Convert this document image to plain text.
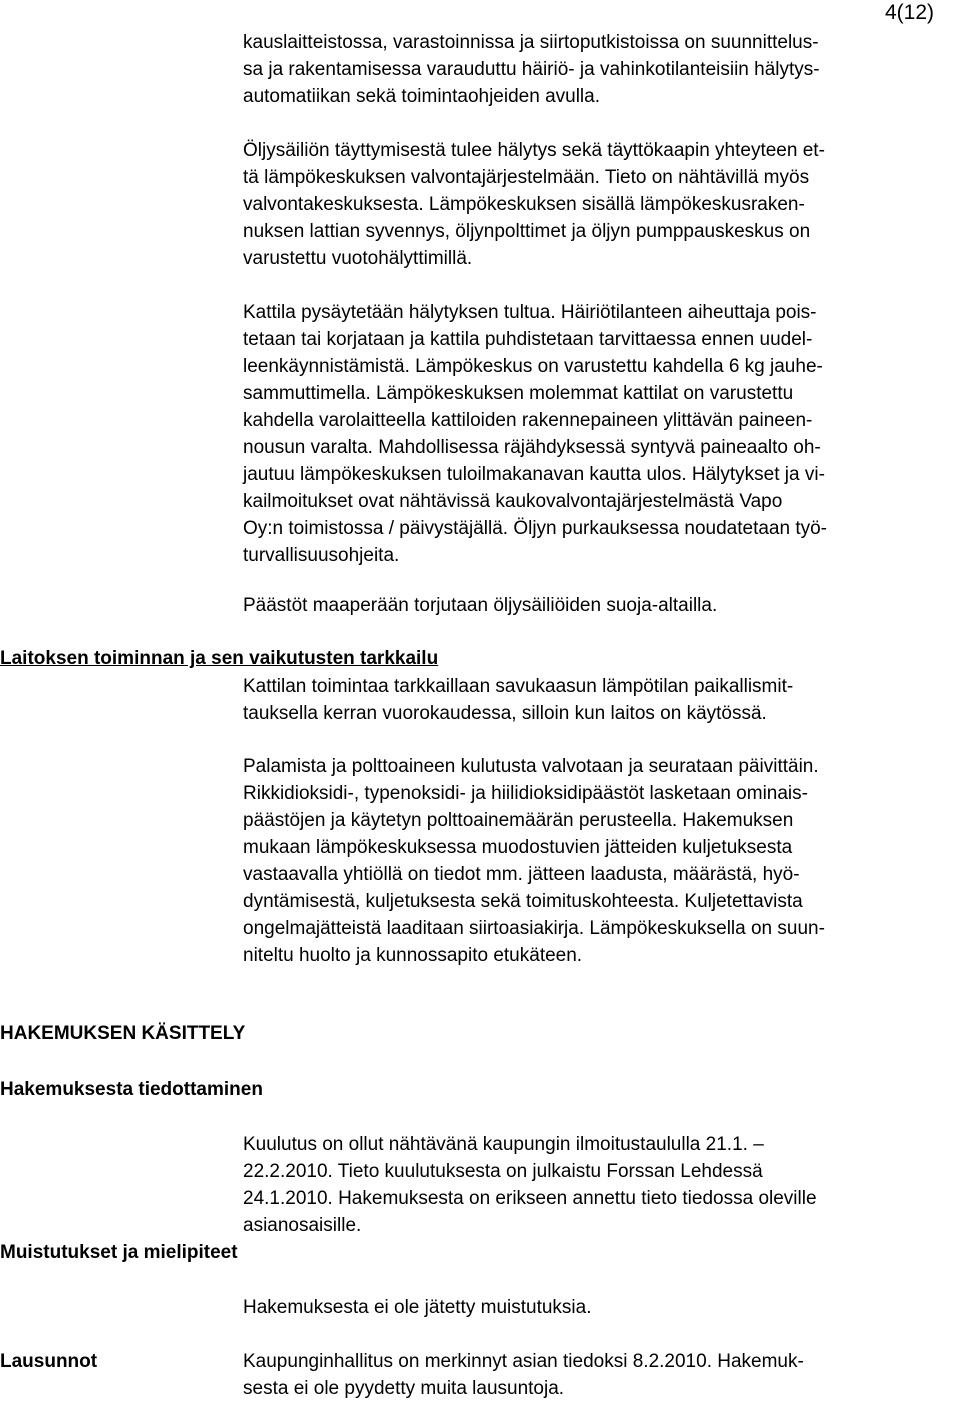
4(12)
kauslaitteistossa, varastoinnissa ja siirtoputkistoissa on suunnittelus-
sa ja rakentamisessa varauduttu häiriö- ja vahinkotilanteisiin hälytys-
automatiikan sekä toimintaohjeiden avulla.
Öljysäiliön täyttymisestä tulee hälytys sekä täyttökaapin yhteyteen et-
tä lämpökeskuksen valvontajärjestelmään. Tieto on nähtävillä myös
valvontakeskuksesta. Lämpökeskuksen sisällä lämpökeskusraken-
nuksen lattian syvennys, öljynpolttimet ja öljyn pumppauskeskus on
varustettu vuotohälyttimillä.
Kattila pysäytetään hälytyksen tultua. Häiriötilanteen aiheuttaja pois-
tetaan tai korjataan ja kattila puhdistetaan tarvittaessa ennen uudel-
leenkäynnistämistä. Lämpökeskus on varustettu kahdella 6 kg jauhe-
sammuttimella. Lämpökeskuksen molemmat kattilat on varustettu
kahdella varolaitteella kattiloiden rakennepaineen ylittävän paineen-
nousun varalta. Mahdollisessa räjähdyksessä syntyvä paineaalto oh-
jautuu lämpökeskuksen tuloilmakanavan kautta ulos. Hälytykset ja vi-
kailmoitukset ovat nähtävissä kaukovalvontajärjestelmästä Vapo
Oy:n toimistossa / päivystäjällä. Öljyn purkauksessa noudatetaan työ-
turvallisuusohjeita.
Päästöt maaperään torjutaan öljysäiliöiden suoja-altailla.
Laitoksen toiminnan ja sen vaikutusten tarkkailu
Kattilan toimintaa tarkkaillaan savukaasun lämpötilan paikallismit-
tauksella kerran vuorokaudessa, silloin kun laitos on käytössä.
Palamista ja polttoaineen kulutusta valvotaan ja seurataan päivittäin.
Rikkidioksidi-, typenoksidi- ja hiilidioksidipäästöt lasketaan ominais-
päästöjen ja käytetyn polttoainemäärän perusteella. Hakemuksen
mukaan lämpökeskuksessa muodostuvien jätteiden kuljetuksesta
vastaavalla yhtiöllä on tiedot mm. jätteen laadusta, määrästä, hyö-
dyntämisestä, kuljetuksesta sekä toimituskohteesta. Kuljetettavista
ongelmajätteistä laaditaan siirtoasiakirja. Lämpökeskuksella on suun-
niteltu huolto ja kunnossapito etukäteen.
HAKEMUKSEN KÄSITTELY
Hakemuksesta tiedottaminen
Kuulutus on ollut nähtävänä kaupungin ilmoitustaululla 21.1. –
22.2.2010. Tieto kuulutuksesta on julkaistu Forssan Lehdessä
24.1.2010. Hakemuksesta on erikseen annettu tieto tiedossa oleville
asianosaisille.
Muistutukset ja mielipiteet
Hakemuksesta ei ole jätetty muistutuksia.
Lausunnot	Kaupunginhallitus on merkinnyt asian tiedoksi 8.2.2010. Hakemuk-
sesta ei ole pyydetty muita lausuntoja.
